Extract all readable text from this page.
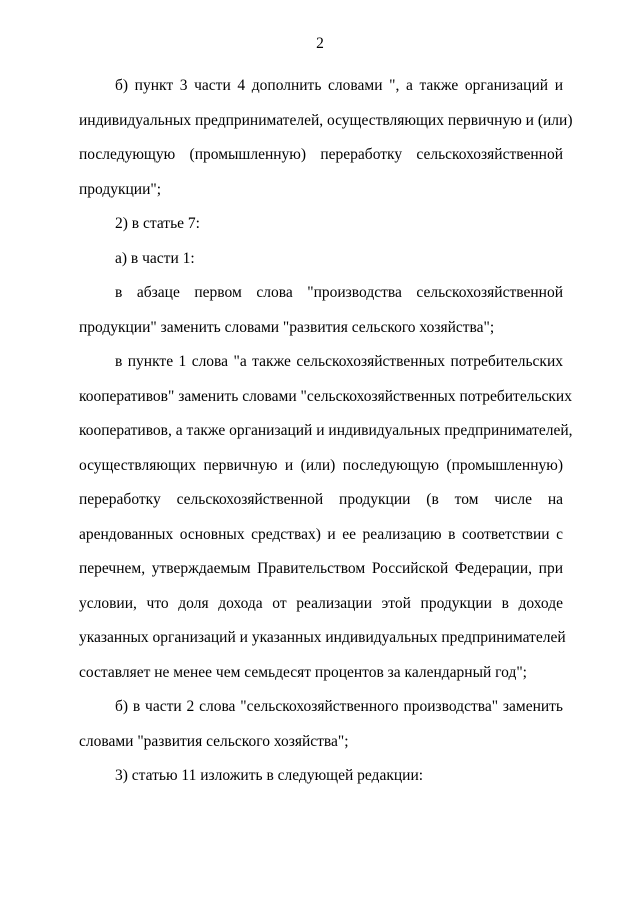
2
б) пункт 3 части 4 дополнить словами ", а также организаций и
индивидуальных предпринимателей, осуществляющих первичную и (или)
последующую (промышленную) переработку сельскохозяйственной
продукции";
2) в статье 7:
а) в части 1:
в абзаце первом слова "производства сельскохозяйственной
продукции" заменить словами "развития сельского хозяйства";
в пункте 1 слова "а также сельскохозяйственных потребительских
кооперативов" заменить словами "сельскохозяйственных потребительских
кооперативов, а также организаций и индивидуальных предпринимателей,
осуществляющих первичную и (или) последующую (промышленную)
переработку сельскохозяйственной продукции (в том числе на
арендованных основных средствах) и ее реализацию в соответствии с
перечнем, утверждаемым Правительством Российской Федерации, при
условии, что доля дохода от реализации этой продукции в доходе
указанных организаций и указанных индивидуальных предпринимателей
составляет не менее чем семьдесят процентов за календарный год";
б) в части 2 слова "сельскохозяйственного производства" заменить
словами "развития сельского хозяйства";
3) статью 11 изложить в следующей редакции:
